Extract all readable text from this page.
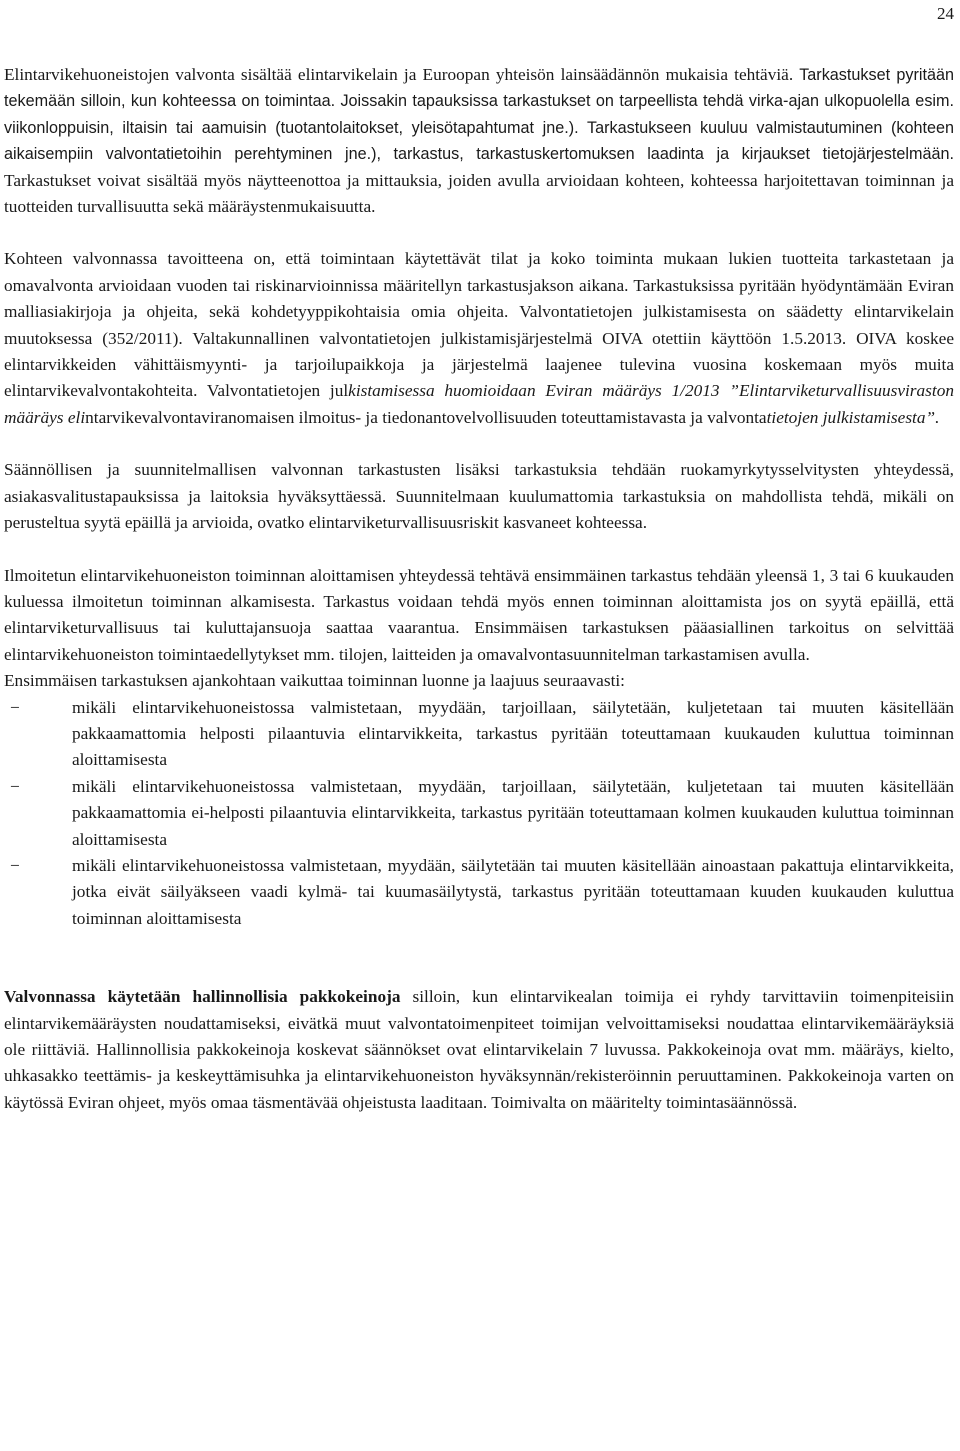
24

Elintarvikehuoneistojen valvonta sisältää elintarvikelain ja Euroopan yhteisön lainsäädännön mukaisia tehtäviä. Tarkastukset pyritään tekemään silloin, kun kohteessa on toimintaa. Joissakin tapauksissa tarkastukset on tarpeellista tehdä virka-ajan ulkopuolella esim. viikonloppuisin, iltaisin tai aamuisin (tuotantolaitokset, yleisötapahtumat jne.). Tarkastukseen kuuluu valmistautuminen (kohteen aikaisempiin valvontatietoihin perehtyminen jne.), tarkastus, tarkastuskertomuksen laadinta ja kirjaukset tietojärjestelmään. Tarkastukset voivat sisältää myös näytteenottoa ja mittauksia, joiden avulla arvioidaan kohteen, kohteessa harjoitettavan toiminnan ja tuotteiden turvallisuutta sekä määräystenmukaisuutta.

Kohteen valvonnassa tavoitteena on, että toimintaan käytettävät tilat ja koko toiminta mukaan lukien tuotteita tarkastetaan ja omavalvonta arvioidaan vuoden tai riskinarvioinnissa määritellyn tarkastusjakson aikana. Tarkastuksissa pyritään hyödyntämään Eviran malliasiakirjoja ja ohjeita, sekä kohdetyyppikohtaisia omia ohjeita. Valvontatietojen julkistamisesta on säädetty elintarvikelain muutoksessa (352/2011). Valtakunnallinen valvontatietojen julkistamisjärjestelmä OIVA otettiin käyttöön 1.5.2013. OIVA koskee elintarvikkeiden vähittäismyynti- ja tarjoilupaikkoja ja järjestelmä laajenee tulevina vuosina koskemaan myös muita elintarvikevalvontakohteita. Valvontatietojen julkistamisessa huomioidaan Eviran määräys 1/2013 ”Elintarviketurvallisuusviraston määräys elintarvikevalvontaviranomaisen ilmoitus- ja tiedonantovelvollisuuden toteuttamistavasta ja valvontatietojen julkistamisesta”.

Säännöllisen ja suunnitelmallisen valvonnan tarkastusten lisäksi tarkastuksia tehdään ruokamyrkytysselvitysten yhteydessä, asiakasvalitustapauksissa ja laitoksia hyväksyttäessä. Suunnitelmaan kuulumattomia tarkastuksia on mahdollista tehdä, mikäli on perusteltua syytä epäillä ja arvioida, ovatko elintarviketurvallisuusriskit kasvaneet kohteessa.

Ilmoitetun elintarvikehuoneiston toiminnan aloittamisen yhteydessä tehtävä ensimmäinen tarkastus tehdään yleensä 1, 3 tai 6 kuukauden kuluessa ilmoitetun toiminnan alkamisesta. Tarkastus voidaan tehdä myös ennen toiminnan aloittamista jos on syytä epäillä, että elintarviketurvallisuus tai kuluttajansuoja saattaa vaarantua. Ensimmäisen tarkastuksen pääasiallinen tarkoitus on selvittää elintarvikehuoneiston toimintaedellytykset mm. tilojen, laitteiden ja omavalvontasuunnitelman tarkastamisen avulla.

Ensimmäisen tarkastuksen ajankohtaan vaikuttaa toiminnan luonne ja laajuus seuraavasti:

−	mikäli elintarvikehuoneistossa valmistetaan, myydään, tarjoillaan, säilytetään, kuljetetaan tai muuten käsitellään pakkaamattomia helposti pilaantuvia elintarvikkeita, tarkastus pyritään toteuttamaan kuukauden kuluttua toiminnan aloittamisesta
−	mikäli elintarvikehuoneistossa valmistetaan, myydään, tarjoillaan, säilytetään, kuljetetaan tai muuten käsitellään pakkaamattomia ei-helposti pilaantuvia elintarvikkeita, tarkastus pyritään toteuttamaan kolmen kuukauden kuluttua toiminnan aloittamisesta
−	mikäli elintarvikehuoneistossa valmistetaan, myydään, säilytetään tai muuten käsitellään ainoastaan pakattuja elintarvikkeita, jotka eivät säilyäkseen vaadi kylmä- tai kuumasäilytystä, tarkastus pyritään toteuttamaan kuuden kuukauden kuluttua toiminnan aloittamisesta

Valvonnassa käytetään hallinnollisia pakkokeinoja silloin, kun elintarvikealan toimija ei ryhdy tarvittaviin toimenpiteisiin elintarvikemääräysten noudattamiseksi, eivätkä muut valvontatoimenpiteet toimijan velvoittamiseksi noudattaa elintarvikemääräyksiä ole riittäviä. Hallinnollisia pakkokeinoja koskevat säännökset ovat elintarvikelain 7 luvussa. Pakkokeinoja ovat mm. määräys, kielto, uhkasakko teettämis- ja keskeyttämisuhka ja elintarvikehuoneiston hyväksynnän/rekisteröinnin peruuttaminen. Pakkokeinoja varten on käytössä Eviran ohjeet, myös omaa täsmentävää ohjeistusta laaditaan. Toimivalta on määritelty toimintasäännössä.
